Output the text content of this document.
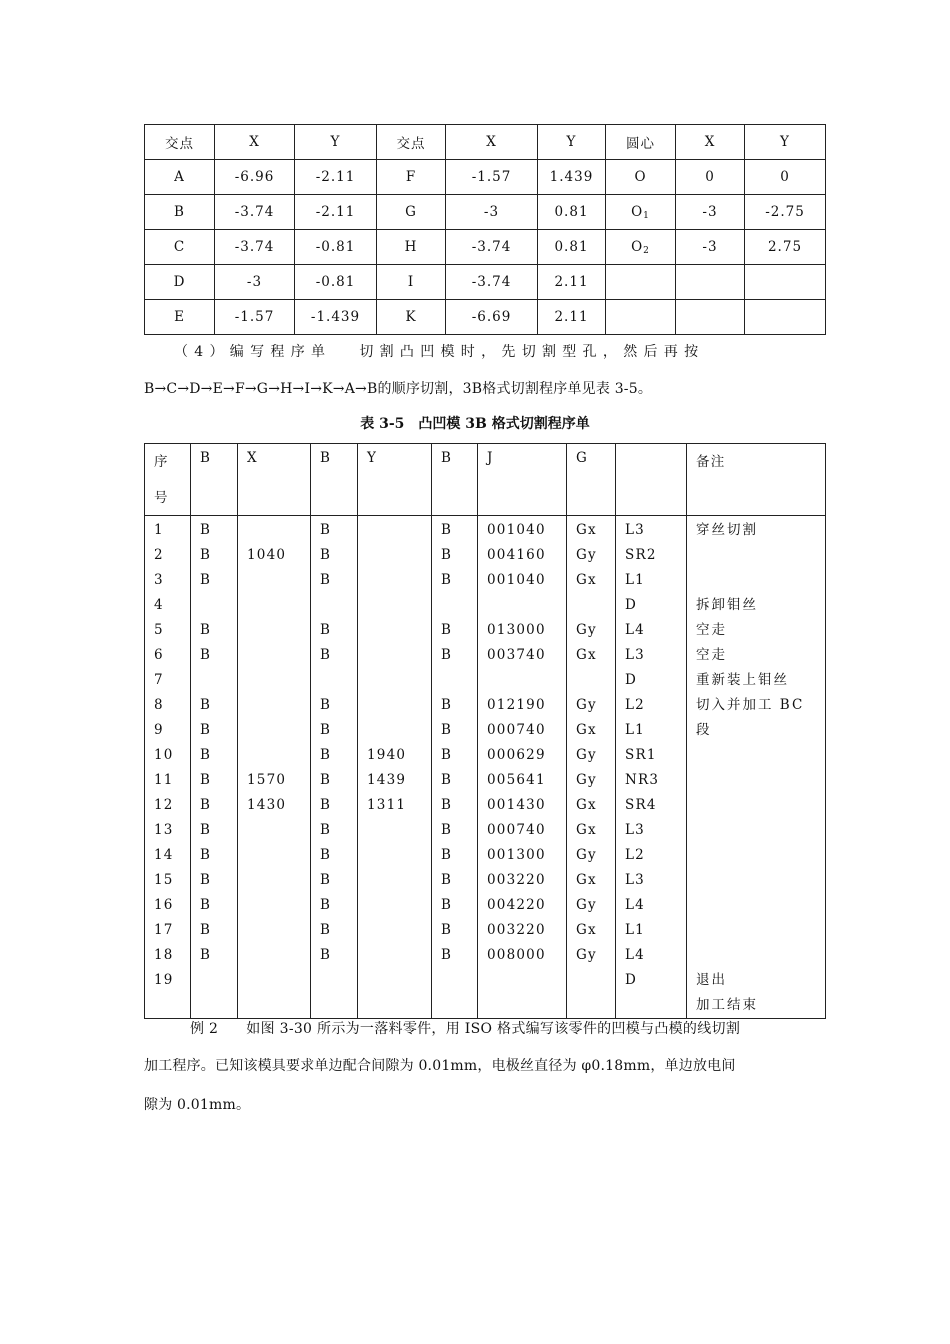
交点	X	Y	交点	X	Y	圆心	X	Y
A	-6.96	-2.11	F	-1.57	1.439	O	0	0
B	-3.74	-2.11	G	-3	0.81	$O_1$	-3	-2.75
C	-3.74	-0.81	H	-3.74	0.81	$O_2$	-3	2.75
D	-3	-0.81	I	-3.74	2.11			
E	-1.57	-1.439	K	-6.69	2.11			
（4）编写程序单 切割凸凹模时，先切割型孔，然后再按
B→C→D→E→F→G→H→I→K→A→B的顺序切割，3B格式切割程序单见表 3-5。
表 3-5　凸凹模 3B 格式切割程序单
序
号	B	X	B	Y	B	J	G		备注
1	B		B		B	001040	Gx	L3	穿丝切割
2	B	1040	B		B	004160	Gy	SR2	
3	B		B		B	001040	Gx	L1	
4								D	拆卸钼丝
5	B		B		B	013000	Gy	L4	空走
6	B		B		B	003740	Gx	L3	空走
7								D	重新装上钼丝
8	B		B		B	012190	Gy	L2	切入并加工 BC
9	B		B		B	000740	Gx	L1	段
10	B		B	1940	B	000629	Gy	SR1	
11	B	1570	B	1439	B	005641	Gy	NR3	
12	B	1430	B	1311	B	001430	Gx	SR4	
13	B		B		B	000740	Gx	L3	
14	B		B		B	001300	Gy	L2	
15	B		B		B	003220	Gx	L3	
16	B		B		B	004220	Gy	L4	
17	B		B		B	003220	Gx	L1	
18	B		B		B	008000	Gy	L4	
19								D	退出
									加工结束
例 2 如图 3-30 所示为一落料零件，用 ISO 格式编写该零件的凹模与凸模的线切割
加工程序。已知该模具要求单边配合间隙为 0.01mm，电极丝直径为 φ0.18mm，单边放电间
隙为 0.01mm。
